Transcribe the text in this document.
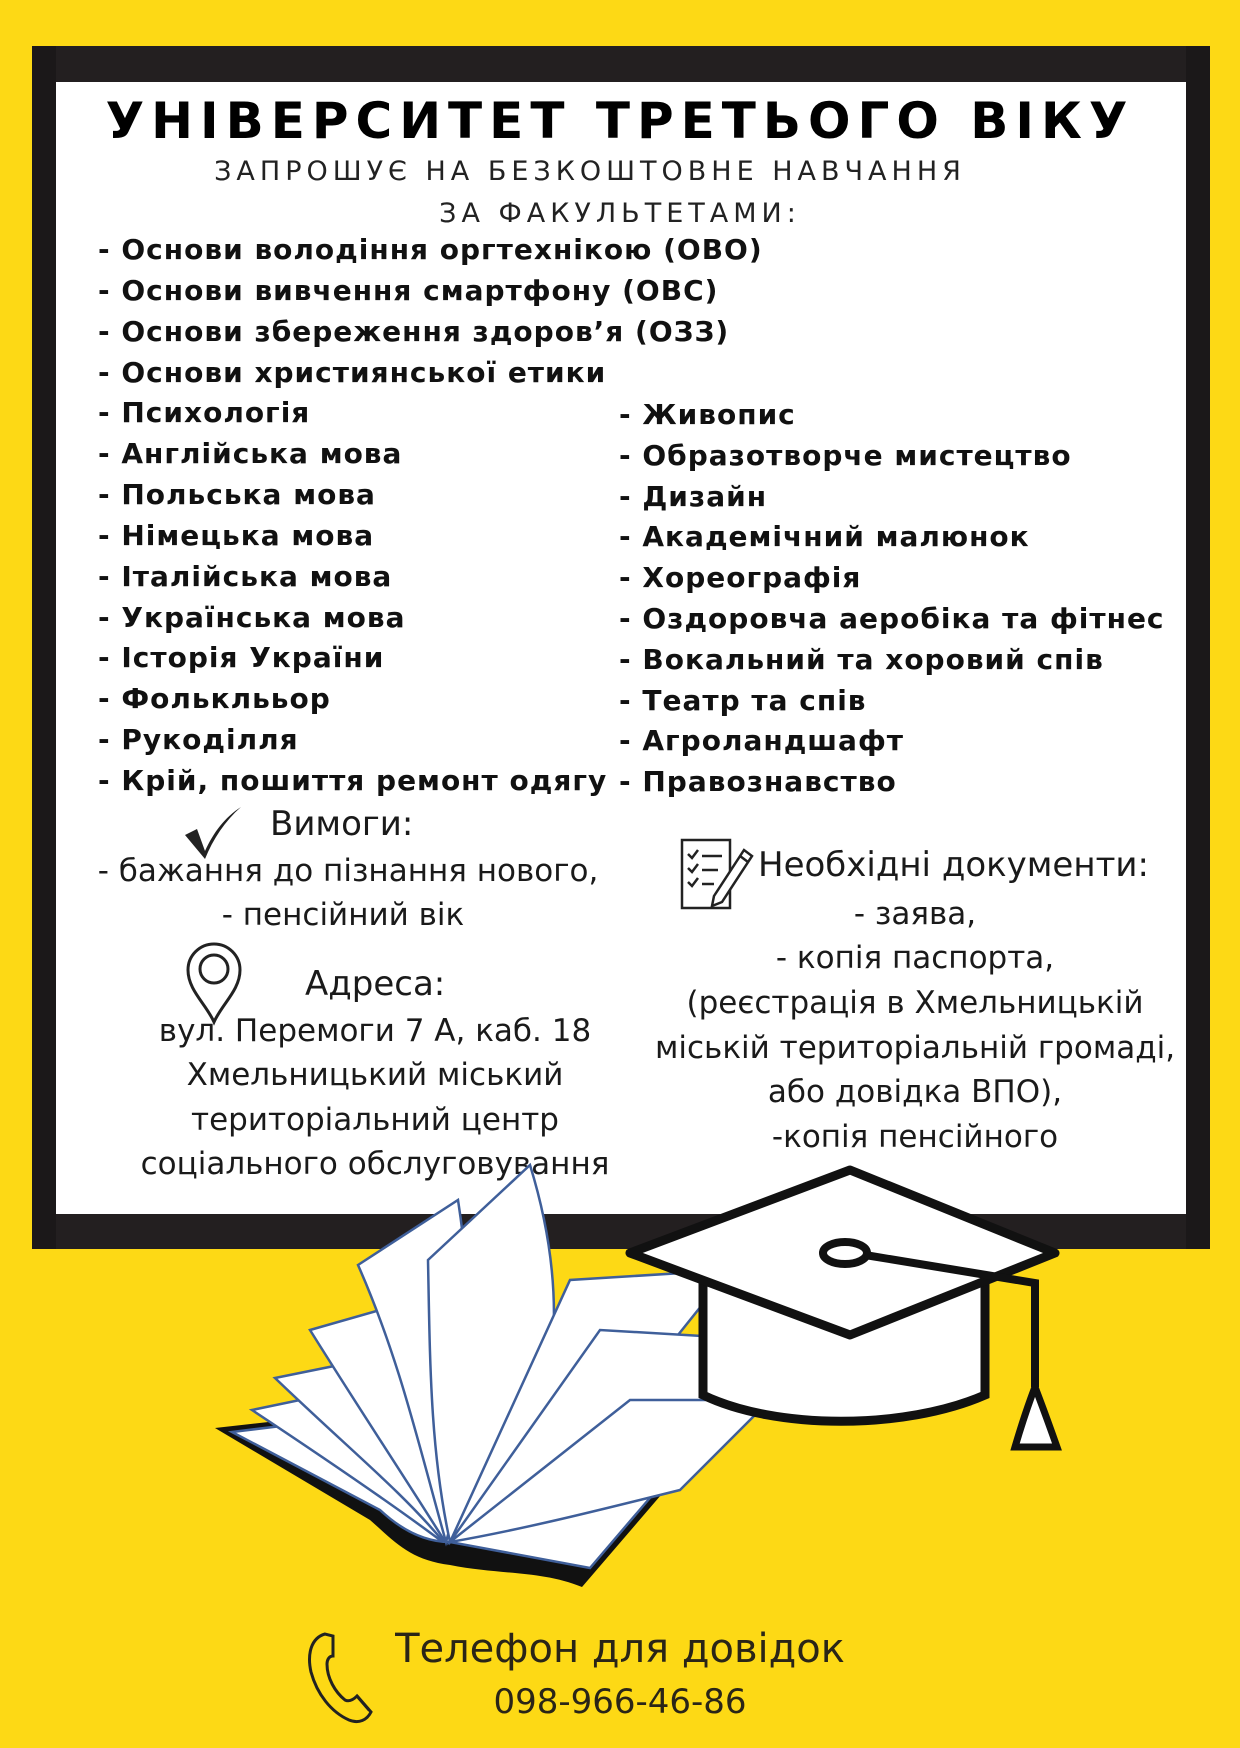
УНІВЕРСИТЕТ ТРЕТЬОГО ВІКУ
ЗАПРОШУЄ НА БЕЗКОШТОВНЕ НАВЧАННЯ
ЗА ФАКУЛЬТЕТАМИ:
- Основи володіння оргтехнікою (ОВО)
- Основи вивчення смартфону (ОВС)
- Основи збереження здоров’я (ОЗЗ)
- Основи християнської етики
- Психологія
- Англійська мова
- Польська мова
- Німецька мова
- Італійська мова
- Українська мова
- Історія України
- Фольклььор
- Рукоділля
- Крій, пошиття ремонт одягу
- Живопис
- Образотворче мистецтво
- Дизайн
- Академічний малюнок
- Хореографія
- Оздоровча аеробіка та фітнес
- Вокальний та хоровий спів
- Театр та спів
- Агроландшафт
- Правознавство
Вимоги:
- бажання до пізнання нового,
- пенсійний вік
Адреса:
вул. Перемоги 7 А, каб. 18
Хмельницький міський
територіальний центр
соціального обслуговування
Необхідні документи:
- заява,
- копія паспорта,
(реєстрація в Хмельницькій
міській територіальній громаді,
або довідка ВПО),
-копія пенсійного
Телефон для довідок
098-966-46-86
